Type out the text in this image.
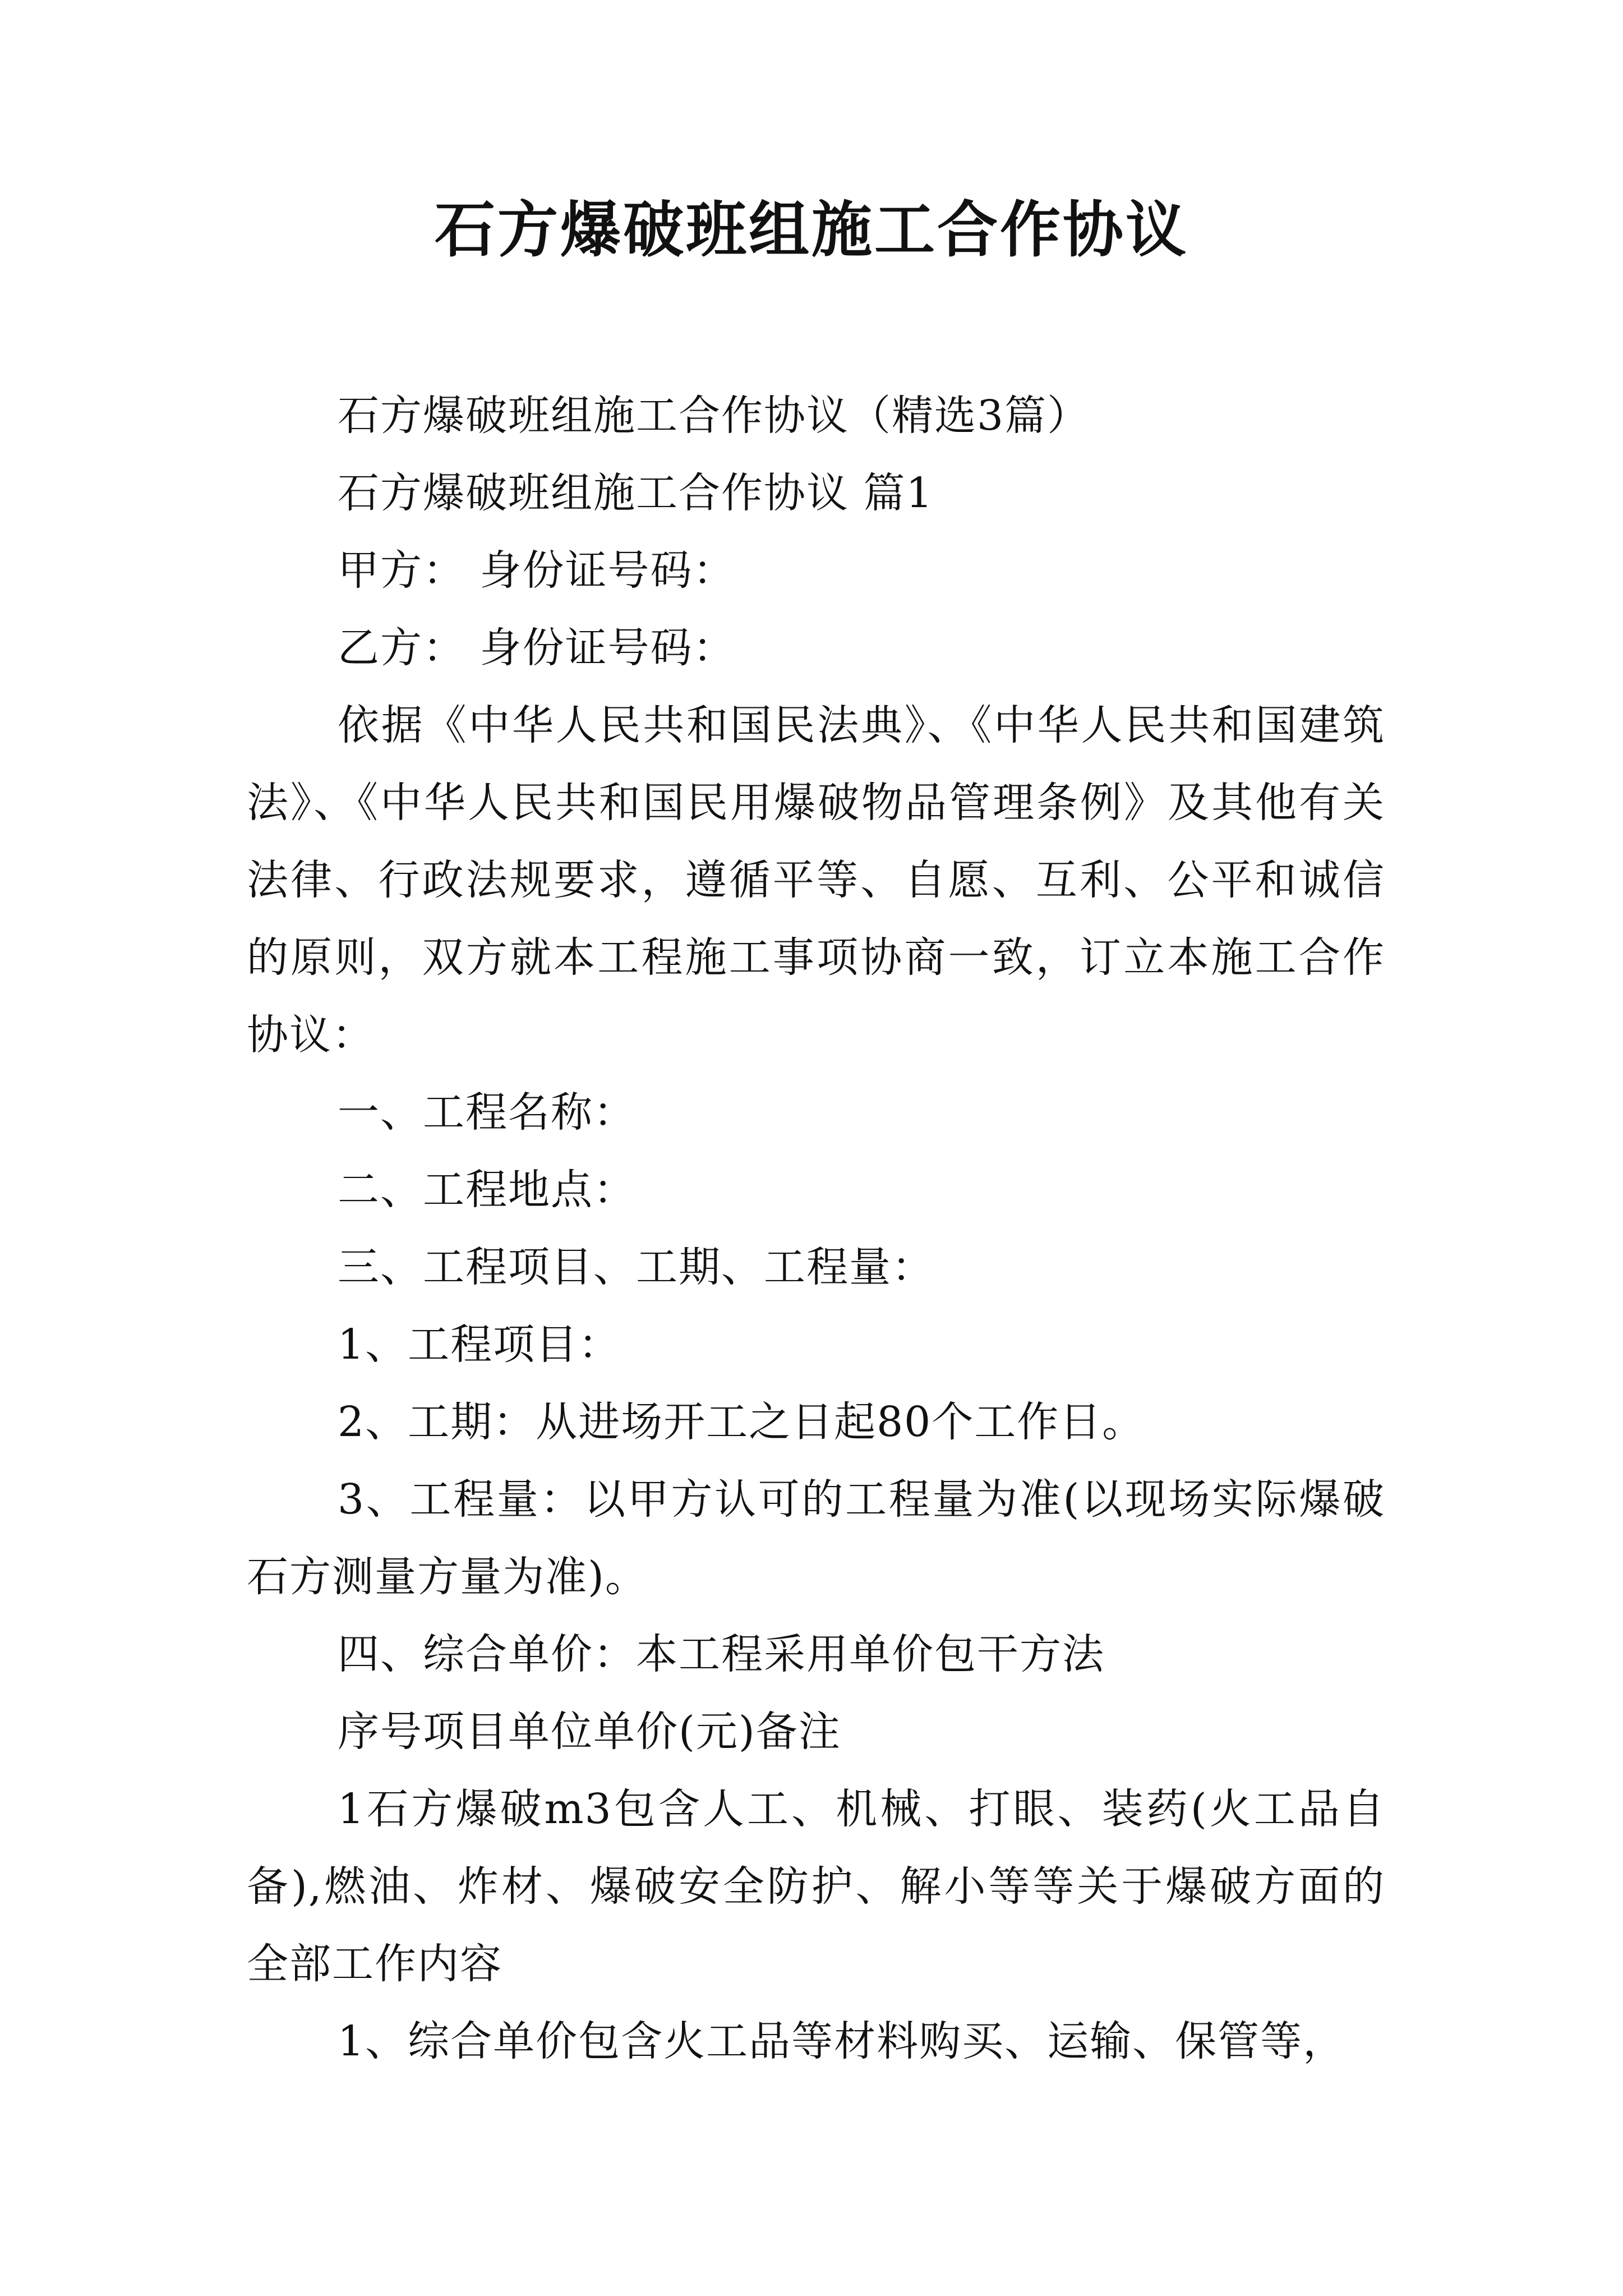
石方爆破班组施工合作协议

石方爆破班组施工合作协议（精选3篇）

石方爆破班组施工合作协议 篇1

甲方： 身份证号码：

乙方： 身份证号码：

依据《中华人民共和国民法典》、《中华人民共和国建筑法》、《中华人民共和国民用爆破物品管理条例》及其他有关法律、行政法规要求，遵循平等、自愿、互利、公平和诚信的原则，双方就本工程施工事项协商一致，订立本施工合作协议：

一、工程名称：

二、工程地点：

三、工程项目、工期、工程量：

1、工程项目：

2、工期：从进场开工之日起80个工作日。

3、工程量：以甲方认可的工程量为准(以现场实际爆破石方测量方量为准)。

四、综合单价：本工程采用单价包干方法

序号项目单位单价(元)备注

1石方爆破m3包含人工、机械、打眼、装药(火工品自备),燃油、炸材、爆破安全防护、解小等等关于爆破方面的全部工作内容

1、综合单价包含火工品等材料购买、运输、保管等，
